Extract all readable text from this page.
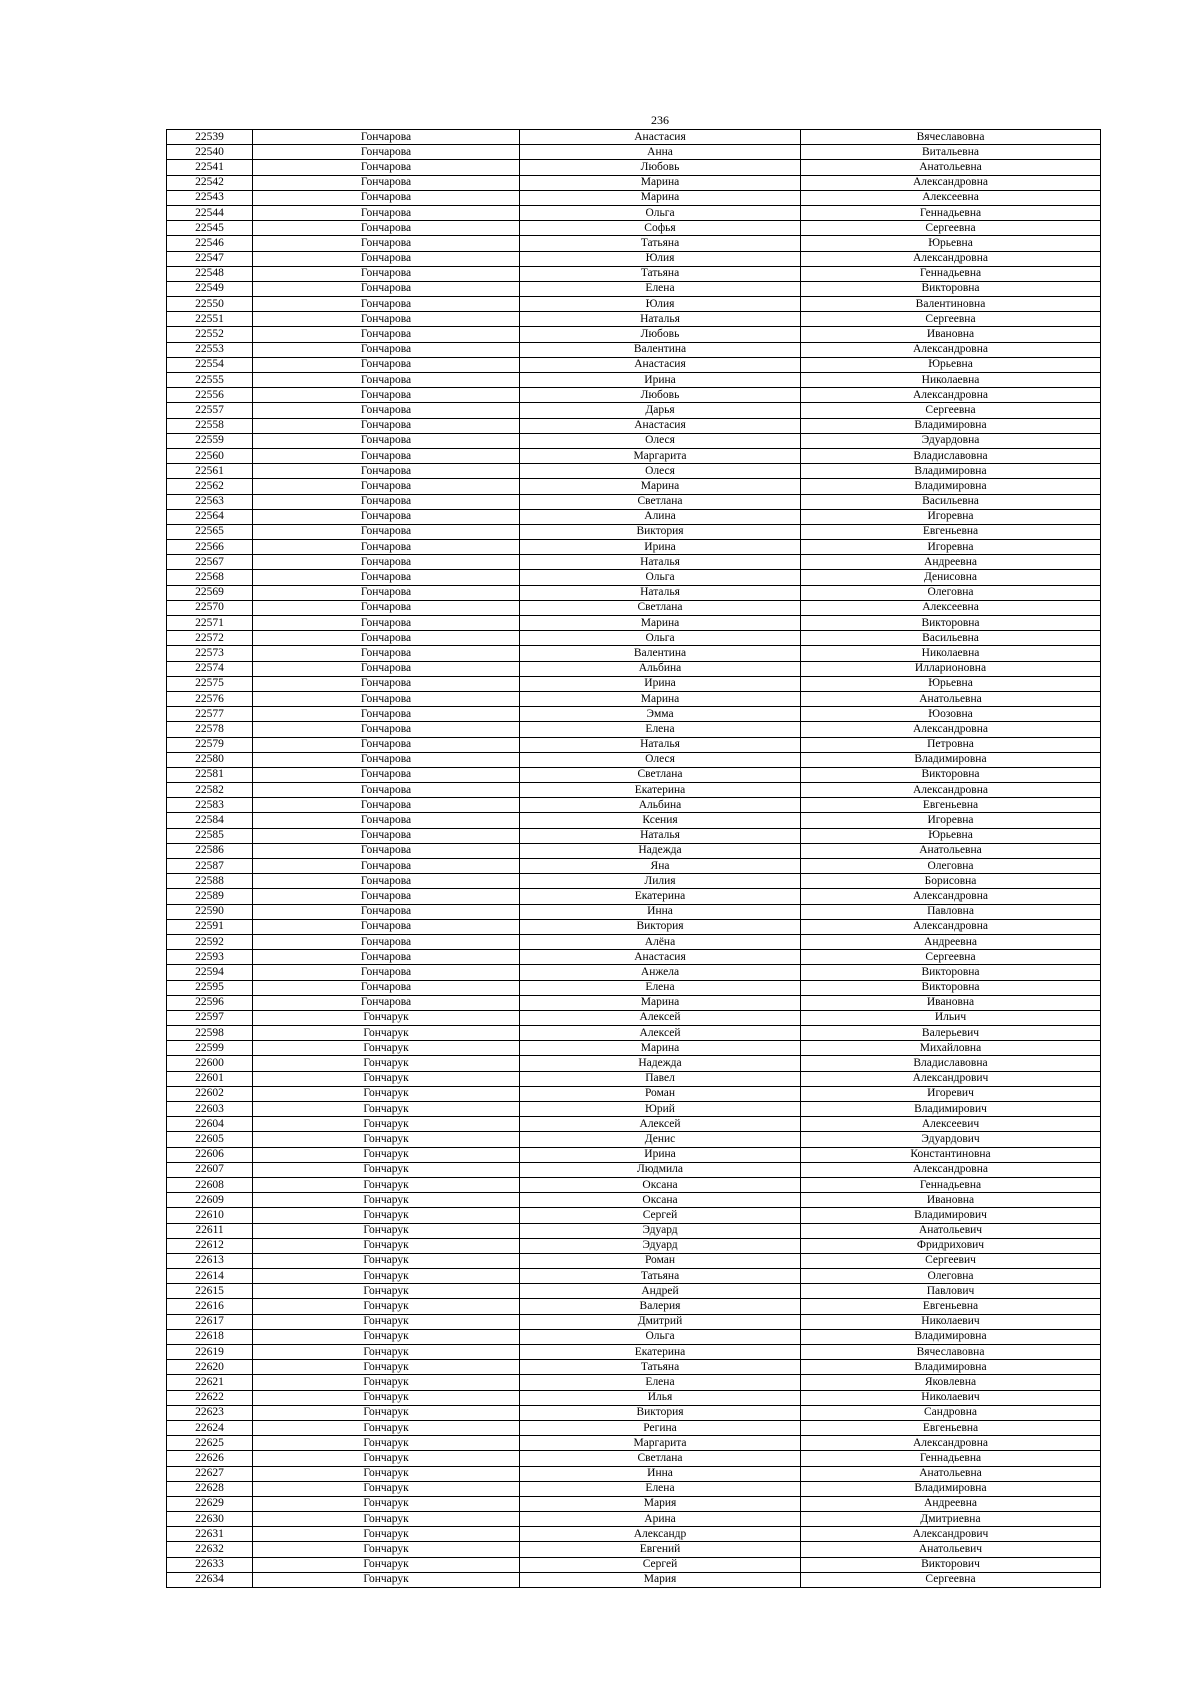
236
22539	Гончарова	Анастасия	Вячеславовна
22540	Гончарова	Анна	Витальевна
22541	Гончарова	Любовь	Анатольевна
22542	Гончарова	Марина	Александровна
22543	Гончарова	Марина	Алексеевна
22544	Гончарова	Ольга	Геннадьевна
22545	Гончарова	Софья	Сергеевна
22546	Гончарова	Татьяна	Юрьевна
22547	Гончарова	Юлия	Александровна
22548	Гончарова	Татьяна	Геннадьевна
22549	Гончарова	Елена	Викторовна
22550	Гончарова	Юлия	Валентиновна
22551	Гончарова	Наталья	Сергеевна
22552	Гончарова	Любовь	Ивановна
22553	Гончарова	Валентина	Александровна
22554	Гончарова	Анастасия	Юрьевна
22555	Гончарова	Ирина	Николаевна
22556	Гончарова	Любовь	Александровна
22557	Гончарова	Дарья	Сергеевна
22558	Гончарова	Анастасия	Владимировна
22559	Гончарова	Олеся	Эдуардовна
22560	Гончарова	Маргарита	Владиславовна
22561	Гончарова	Олеся	Владимировна
22562	Гончарова	Марина	Владимировна
22563	Гончарова	Светлана	Васильевна
22564	Гончарова	Алина	Игоревна
22565	Гончарова	Виктория	Евгеньевна
22566	Гончарова	Ирина	Игоревна
22567	Гончарова	Наталья	Андреевна
22568	Гончарова	Ольга	Денисовна
22569	Гончарова	Наталья	Олеговна
22570	Гончарова	Светлана	Алексеевна
22571	Гончарова	Марина	Викторовна
22572	Гончарова	Ольга	Васильевна
22573	Гончарова	Валентина	Николаевна
22574	Гончарова	Альбина	Илларионовна
22575	Гончарова	Ирина	Юрьевна
22576	Гончарова	Марина	Анатольевна
22577	Гончарова	Эмма	Юозовна
22578	Гончарова	Елена	Александровна
22579	Гончарова	Наталья	Петровна
22580	Гончарова	Олеся	Владимировна
22581	Гончарова	Светлана	Викторовна
22582	Гончарова	Екатерина	Александровна
22583	Гончарова	Альбина	Евгеньевна
22584	Гончарова	Ксения	Игоревна
22585	Гончарова	Наталья	Юрьевна
22586	Гончарова	Надежда	Анатольевна
22587	Гончарова	Яна	Олеговна
22588	Гончарова	Лилия	Борисовна
22589	Гончарова	Екатерина	Александровна
22590	Гончарова	Инна	Павловна
22591	Гончарова	Виктория	Александровна
22592	Гончарова	Алёна	Андреевна
22593	Гончарова	Анастасия	Сергеевна
22594	Гончарова	Анжела	Викторовна
22595	Гончарова	Елена	Викторовна
22596	Гончарова	Марина	Ивановна
22597	Гончарук	Алексей	Ильич
22598	Гончарук	Алексей	Валерьевич
22599	Гончарук	Марина	Михайловна
22600	Гончарук	Надежда	Владиславовна
22601	Гончарук	Павел	Александрович
22602	Гончарук	Роман	Игоревич
22603	Гончарук	Юрий	Владимирович
22604	Гончарук	Алексей	Алексеевич
22605	Гончарук	Денис	Эдуардович
22606	Гончарук	Ирина	Константиновна
22607	Гончарук	Людмила	Александровна
22608	Гончарук	Оксана	Геннадьевна
22609	Гончарук	Оксана	Ивановна
22610	Гончарук	Сергей	Владимирович
22611	Гончарук	Эдуард	Анатольевич
22612	Гончарук	Эдуард	Фридрихович
22613	Гончарук	Роман	Сергеевич
22614	Гончарук	Татьяна	Олеговна
22615	Гончарук	Андрей	Павлович
22616	Гончарук	Валерия	Евгеньевна
22617	Гончарук	Дмитрий	Николаевич
22618	Гончарук	Ольга	Владимировна
22619	Гончарук	Екатерина	Вячеславовна
22620	Гончарук	Татьяна	Владимировна
22621	Гончарук	Елена	Яковлевна
22622	Гончарук	Илья	Николаевич
22623	Гончарук	Виктория	Сандровна
22624	Гончарук	Регина	Евгеньевна
22625	Гончарук	Маргарита	Александровна
22626	Гончарук	Светлана	Геннадьевна
22627	Гончарук	Инна	Анатольевна
22628	Гончарук	Елена	Владимировна
22629	Гончарук	Мария	Андреевна
22630	Гончарук	Арина	Дмитриевна
22631	Гончарук	Александр	Александрович
22632	Гончарук	Евгений	Анатольевич
22633	Гончарук	Сергей	Викторович
22634	Гончарук	Мария	Сергеевна
